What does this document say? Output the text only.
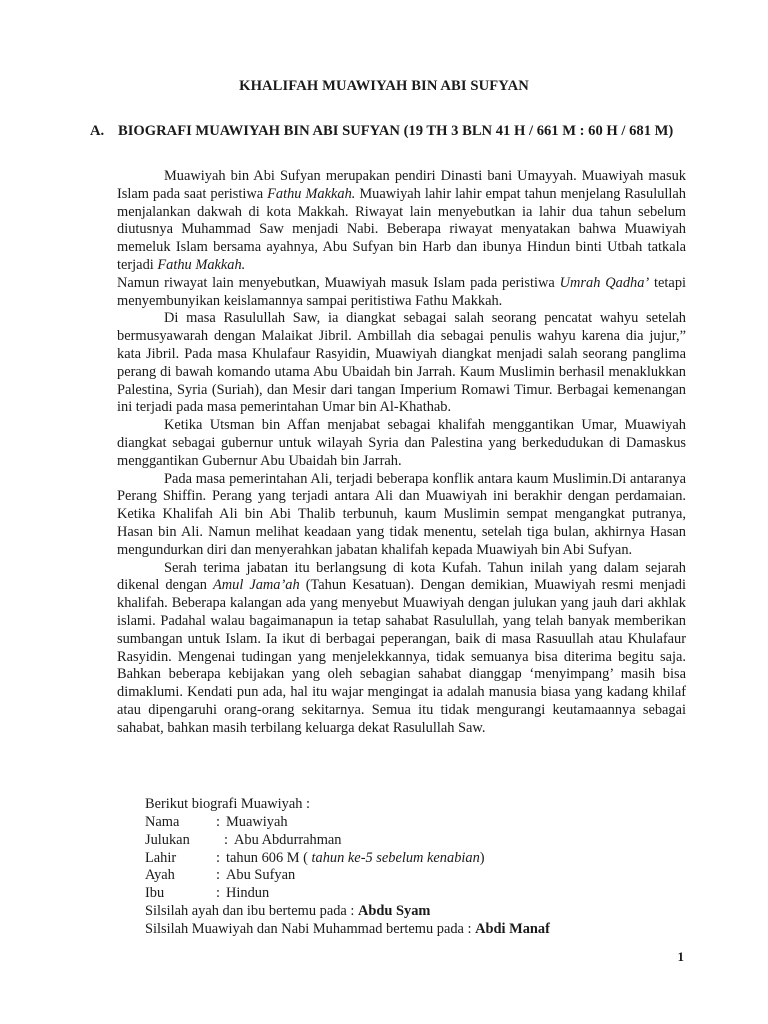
KHALIFAH MUAWIYAH BIN ABI SUFYAN
A. BIOGRAFI MUAWIYAH BIN ABI SUFYAN (19 TH 3 BLN 41 H / 661 M : 60 H / 681 M)

Muawiyah bin Abi Sufyan merupakan pendiri Dinasti bani Umayyah. Muawiyah masuk Islam pada saat peristiwa Fathu Makkah. Muawiyah lahir lahir empat tahun menjelang Rasulullah menjalankan dakwah di kota Makkah. Riwayat lain menyebutkan ia lahir dua tahun sebelum diutusnya Muhammad Saw menjadi Nabi. Beberapa riwayat menyatakan bahwa Muawiyah memeluk Islam bersama ayahnya, Abu Sufyan bin Harb dan ibunya Hindun binti Utbah tatkala terjadi Fathu Makkah.

Namun riwayat lain menyebutkan, Muawiyah masuk Islam pada peristiwa Umrah Qadha’ tetapi menyembunyikan keislamannya sampai peritistiwa Fathu Makkah.

Di masa Rasulullah Saw, ia diangkat sebagai salah seorang pencatat wahyu setelah bermusyawarah dengan Malaikat Jibril. Ambillah dia sebagai penulis wahyu karena dia jujur,” kata Jibril. Pada masa Khulafaur Rasyidin, Muawiyah diangkat menjadi salah seorang panglima perang di bawah komando utama Abu Ubaidah bin Jarrah. Kaum Muslimin berhasil menaklukkan Palestina, Syria (Suriah), dan Mesir dari tangan Imperium Romawi Timur. Berbagai kemenangan ini terjadi pada masa pemerintahan Umar bin Al-Khathab.

Ketika Utsman bin Affan menjabat sebagai khalifah menggantikan Umar, Muawiyah diangkat sebagai gubernur untuk wilayah Syria dan Palestina yang berkedudukan di Damaskus menggantikan Gubernur Abu Ubaidah bin Jarrah.

Pada masa pemerintahan Ali, terjadi beberapa konflik antara kaum Muslimin.Di antaranya Perang Shiffin. Perang yang terjadi antara Ali dan Muawiyah ini berakhir dengan perdamaian. Ketika Khalifah Ali bin Abi Thalib terbunuh, kaum Muslimin sempat mengangkat putranya, Hasan bin Ali. Namun melihat keadaan yang tidak menentu, setelah tiga bulan, akhirnya Hasan mengundurkan diri dan menyerahkan jabatan khalifah kepada Muawiyah bin Abi Sufyan.

Serah terima jabatan itu berlangsung di kota Kufah. Tahun inilah yang dalam sejarah dikenal dengan Amul Jama’ah (Tahun Kesatuan). Dengan demikian, Muawiyah resmi menjadi khalifah. Beberapa kalangan ada yang menyebut Muawiyah dengan julukan yang jauh dari akhlak islami. Padahal walau bagaimanapun ia tetap sahabat Rasulullah, yang telah banyak memberikan sumbangan untuk Islam. Ia ikut di berbagai peperangan, baik di masa Rasuullah atau Khulafaur Rasyidin. Mengenai tudingan yang menjelekkannya, tidak semuanya bisa diterima begitu saja. Bahkan beberapa kebijakan yang oleh sebagian sahabat dianggap ‘menyimpang’ masih bisa dimaklumi. Kendati pun ada, hal itu wajar mengingat ia adalah manusia biasa yang kadang khilaf atau dipengaruhi orang-orang sekitarnya. Semua itu tidak mengurangi keutamaannya sebagai sahabat, bahkan masih terbilang keluarga dekat Rasulullah Saw.

Berikut biografi Muawiyah :
Nama	: Muawiyah
Julukan : Abu Abdurrahman
Lahir	: tahun 606 M ( tahun ke-5 sebelum kenabian)
Ayah	: Abu Sufyan
Ibu	: Hindun
Silsilah ayah dan ibu bertemu pada : Abdu Syam
Silsilah Muawiyah dan Nabi Muhammad bertemu pada : Abdi Manaf
1
